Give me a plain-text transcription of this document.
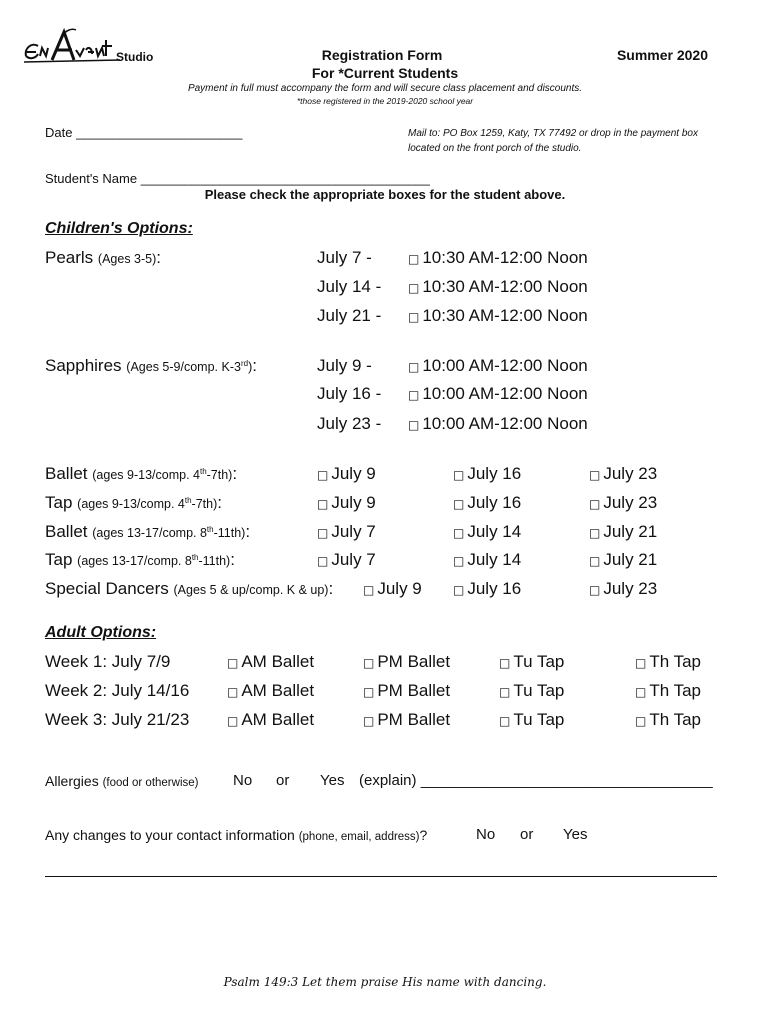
Studio	Registration Form
For *Current Students
Summer 2020
Payment in full must accompany the form and will secure class placement and discounts.
*those registered in the 2019-2020 school year
Date _______________________	Mail to: PO Box 1259, Katy, TX 77492 or drop in the payment box located on the front porch of the studio.
Student's Name ________________________________________
Please check the appropriate boxes for the student above.
Children's Options:
Pearls (Ages 3-5):	July 7 -	□ 10:30 AM-12:00 Noon
July 14 - □ 10:30 AM-12:00 Noon
July 21 - □ 10:30 AM-12:00 Noon
Sapphires (Ages 5-9/comp. K-3rd):	July 9 -	□ 10:00 AM-12:00 Noon
July 16 - □ 10:00 AM-12:00 Noon
July 23 - □ 10:00 AM-12:00 Noon
Ballet (ages 9-13/comp. 4th-7th):	□ July 9	□ July 16	□ July 23
Tap (ages 9-13/comp. 4th-7th):	□ July 9	□ July 16	□ July 23
Ballet (ages 13-17/comp. 8th-11th):	□ July 7	□ July 14	□ July 21
Tap (ages 13-17/comp. 8th-11th):	□ July 7	□ July 14	□ July 21
Special Dancers (Ages 5 & up/comp. K & up): □ July 9	□ July 16	□ July 23
Adult Options:
Week 1: July 7/9	□ AM Ballet	□ PM Ballet	□ Tu Tap	□ Th Tap
Week 2: July 14/16	□ AM Ballet	□ PM Ballet	□ Tu Tap	□ Th Tap
Week 3: July 21/23	□ AM Ballet	□ PM Ballet	□ Tu Tap	□ Th Tap
Allergies (food or otherwise) No or Yes (explain) ___________________________________
Any changes to your contact information (phone, email, address)?	No or Yes
Psalm 149:3 Let them praise His name with dancing.
